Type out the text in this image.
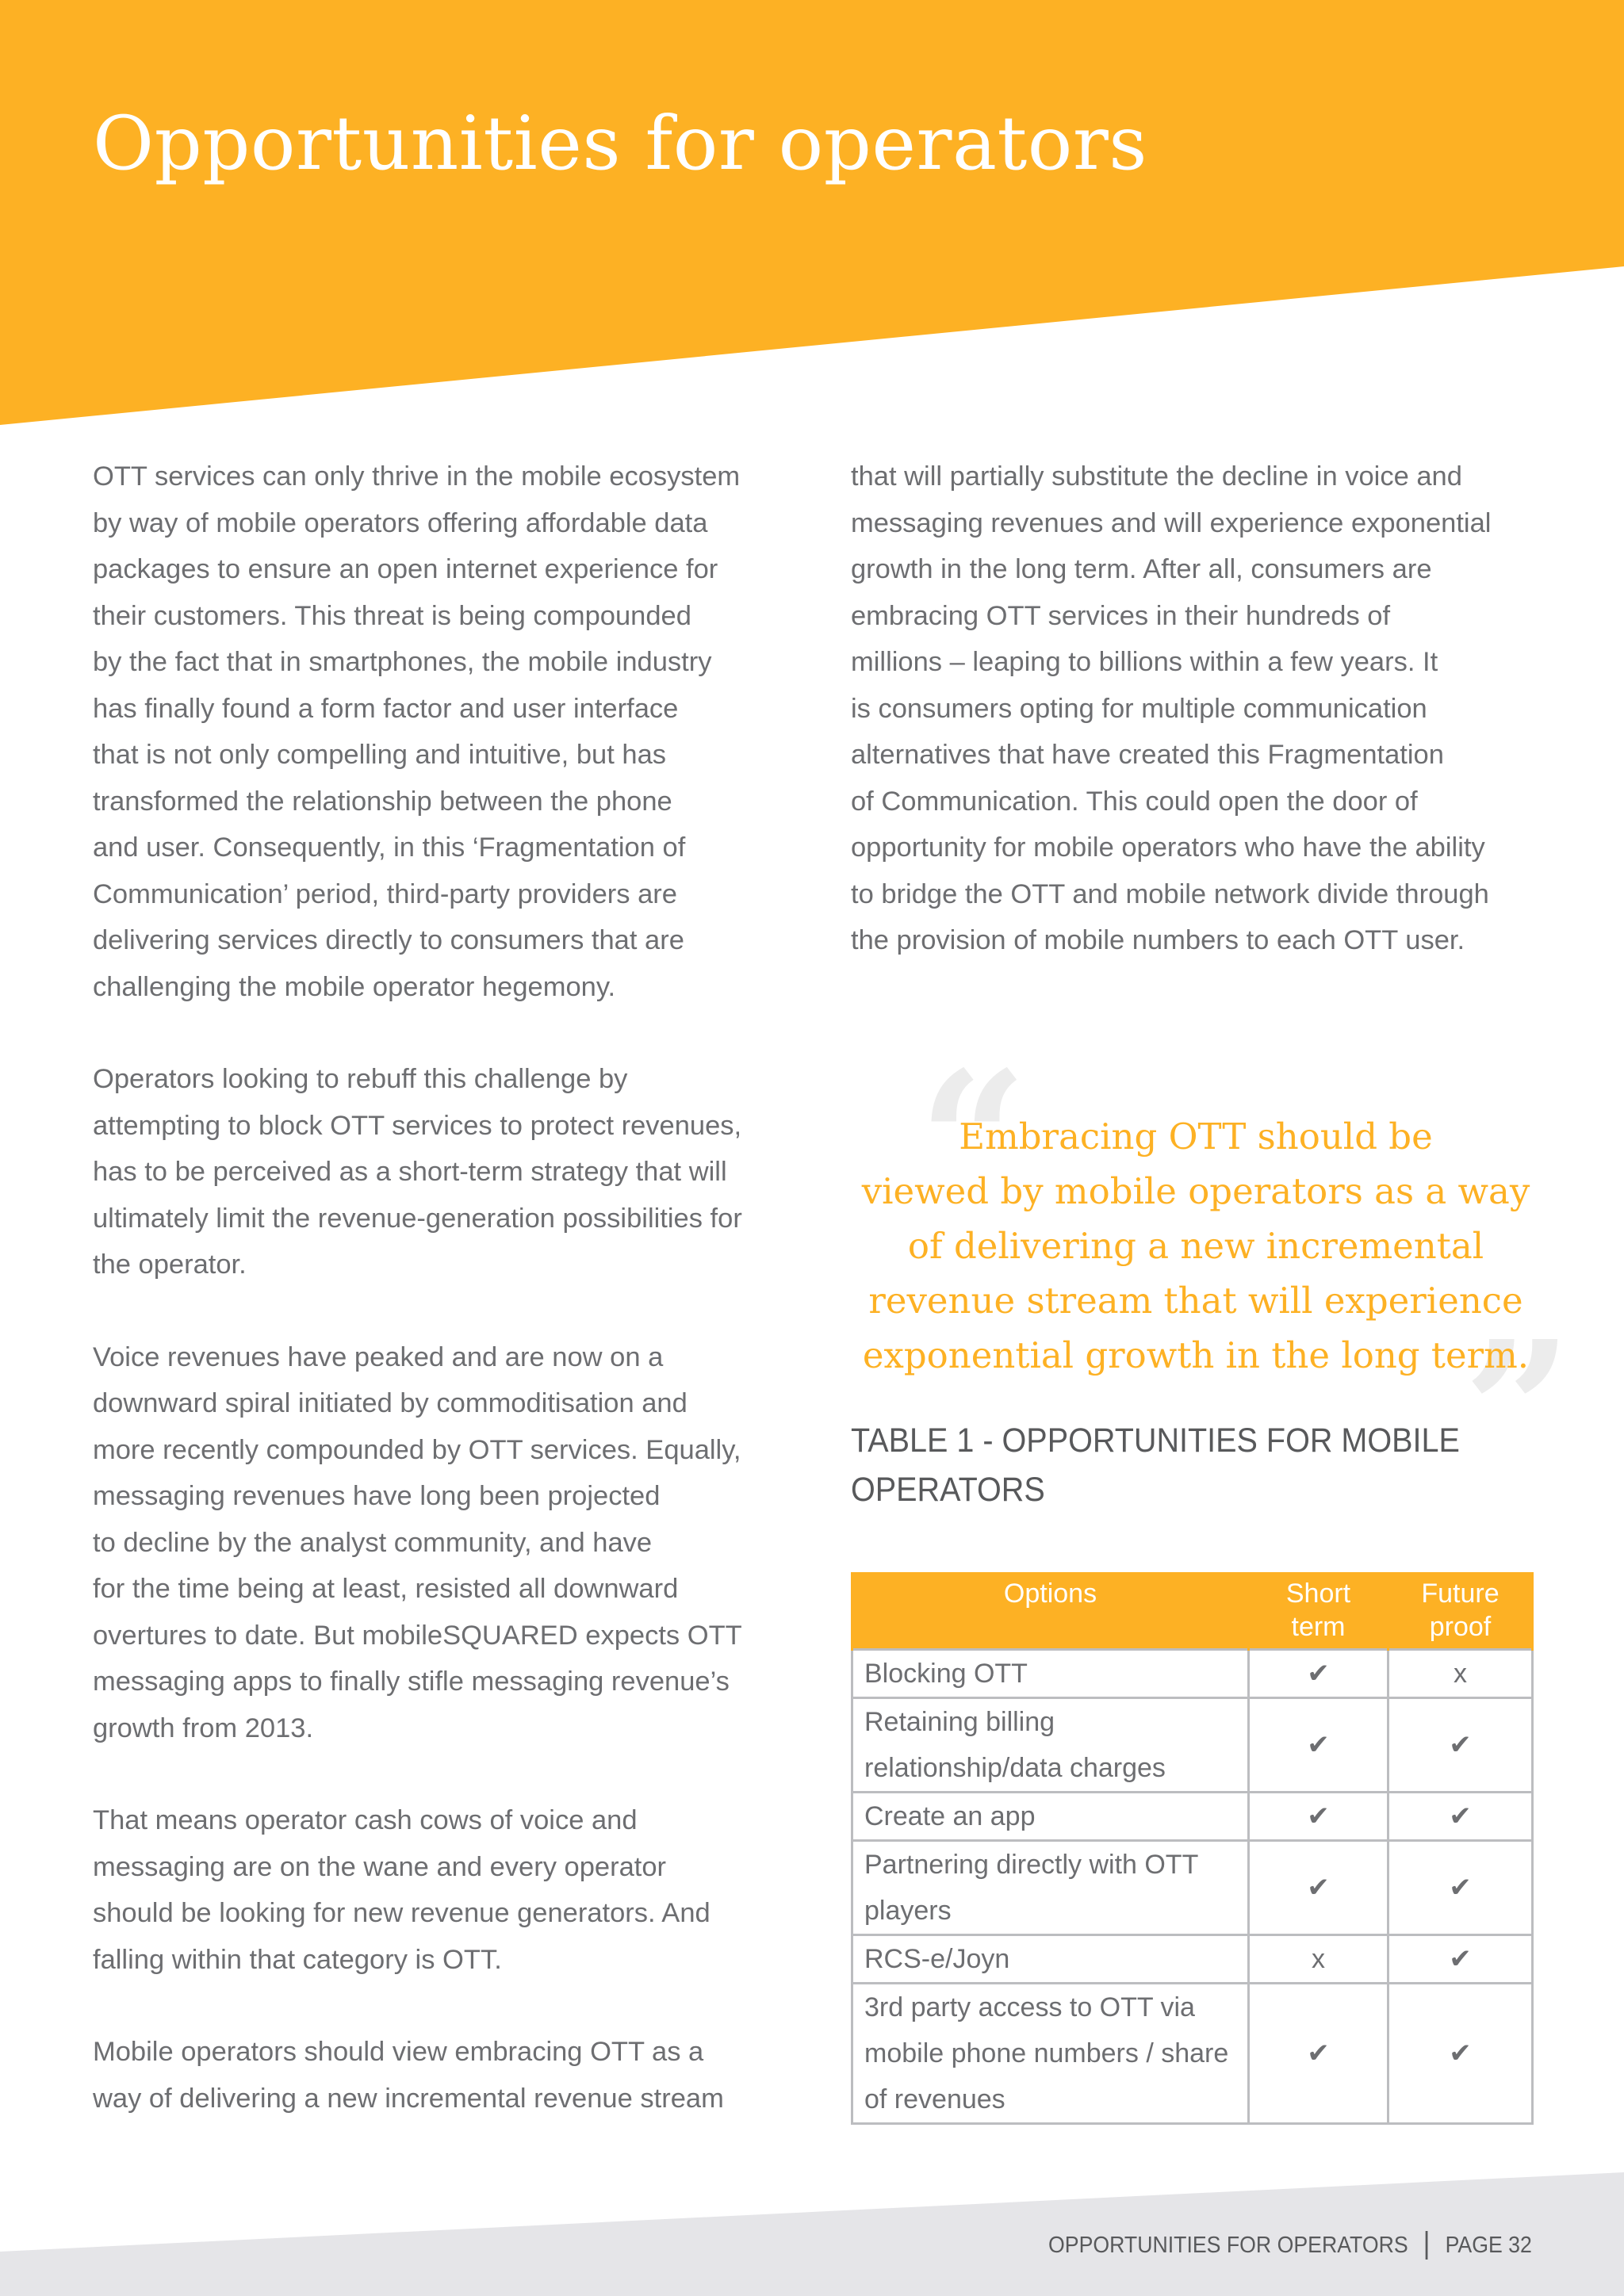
Opportunities for operators

OTT services can only thrive in the mobile ecosystem
by way of mobile operators offering affordable data
packages to ensure an open internet experience for
their customers. This threat is being compounded
by the fact that in smartphones, the mobile industry
has finally found a form factor and user interface
that is not only compelling and intuitive, but has
transformed the relationship between the phone
and user. Consequently, in this ‘Fragmentation of
Communication’ period, third-party providers are
delivering services directly to consumers that are
challenging the mobile operator hegemony.

Operators looking to rebuff this challenge by
attempting to block OTT services to protect revenues,
has to be perceived as a short-term strategy that will
ultimately limit the revenue-generation possibilities for
the operator.

Voice revenues have peaked and are now on a
downward spiral initiated by commoditisation and
more recently compounded by OTT services. Equally,
messaging revenues have long been projected
to decline by the analyst community, and have
for the time being at least, resisted all downward
overtures to date. But mobileSQUARED expects OTT
messaging apps to finally stifle messaging revenue’s
growth from 2013.

That means operator cash cows of voice and
messaging are on the wane and every operator
should be looking for new revenue generators. And
falling within that category is OTT.

Mobile operators should view embracing OTT as a
way of delivering a new incremental revenue stream

that will partially substitute the decline in voice and
messaging revenues and will experience exponential
growth in the long term. After all, consumers are
embracing OTT services in their hundreds of
millions – leaping to billions within a few years. It
is consumers opting for multiple communication
alternatives that have created this Fragmentation
of Communication. This could open the door of
opportunity for mobile operators who have the ability
to bridge the OTT and mobile network divide through
the provision of mobile numbers to each OTT user.

“
”

Embracing OTT should be
viewed by mobile operators as a way
of delivering a new incremental
revenue stream that will experience
exponential growth in the long term.

TABLE 1 - OPPORTUNITIES FOR MOBILE
OPERATORS
Options	Short term	Future proof
Blocking OTT	✔	x
Retaining billing relationship/data charges	✔	✔
Create an app	✔	✔
Partnering directly with OTT players	✔	✔
RCS-e/Joyn	x	✔
3rd party access to OTT via mobile phone numbers / share of revenues	✔	✔
OPPORTUNITIES FOR OPERATORS PAGE 32
